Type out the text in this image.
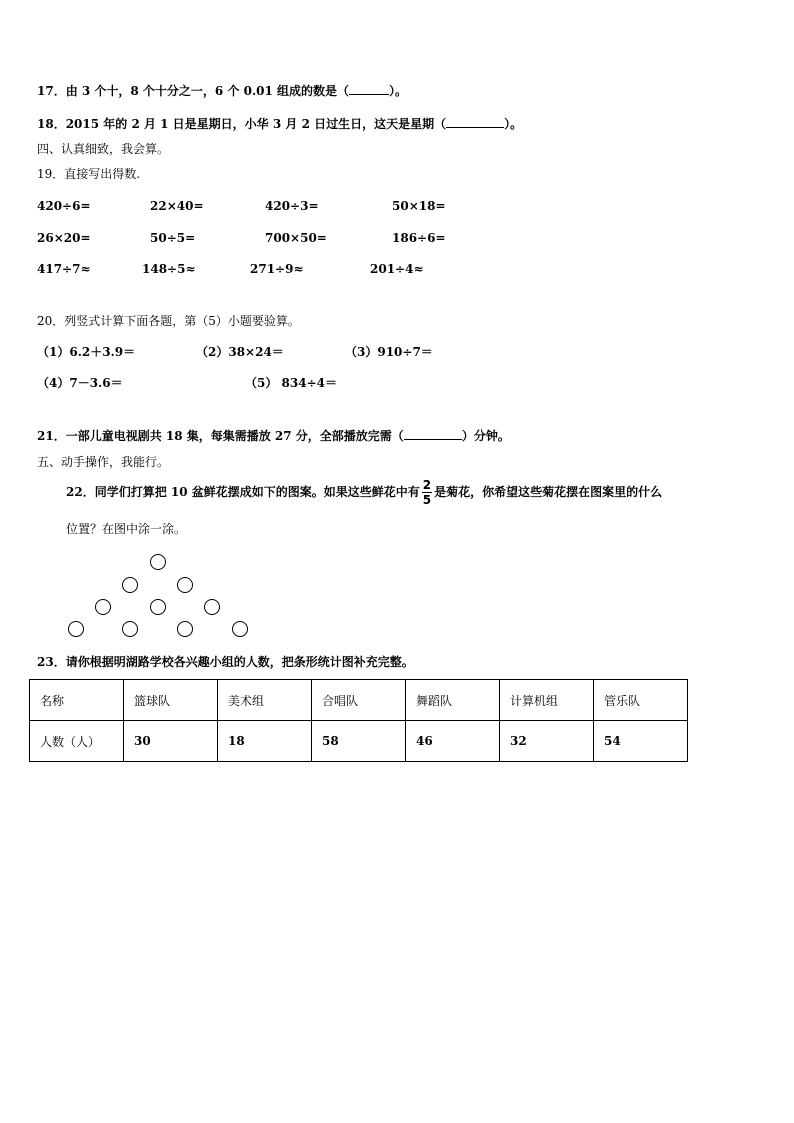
17．由 3 个十，8 个十分之一，6 个 0.01 组成的数是（	）。
18．2015 年的 2 月 1 日是星期日，小华 3 月 2 日过生日，这天是星期（	）。
四、认真细致，我会算。
19．直接写出得数.
420÷6=	22×40=	420÷3=	50×18=
26×20=	50÷5=	700×50=	186÷6=
417÷7≈	148÷5≈	271÷9≈	201÷4≈
20．列竖式计算下面各题，第（5）小题要验算。
（1）6.2＋3.9＝	（2）38×24＝	（3）910÷7＝
（4）7－3.6＝	（5） 834÷4＝
21．一部儿童电视剧共 18 集，每集需播放 27 分，全部播放完需（	）分钟。
五、动手操作，我能行。
22．同学们打算把 10 盆鲜花摆成如下的图案。如果这些鲜花中有 $\frac{2}{5}$ 是菊花，你希望这些菊花摆在图案里的什么
位置？在图中涂一涂。
23．请你根据明湖路学校各兴趣小组的人数，把条形统计图补充完整。
名称	篮球队	美术组	合唱队	舞蹈队	计算机组	管乐队
人数（人）	30	18	58	46	32	54
